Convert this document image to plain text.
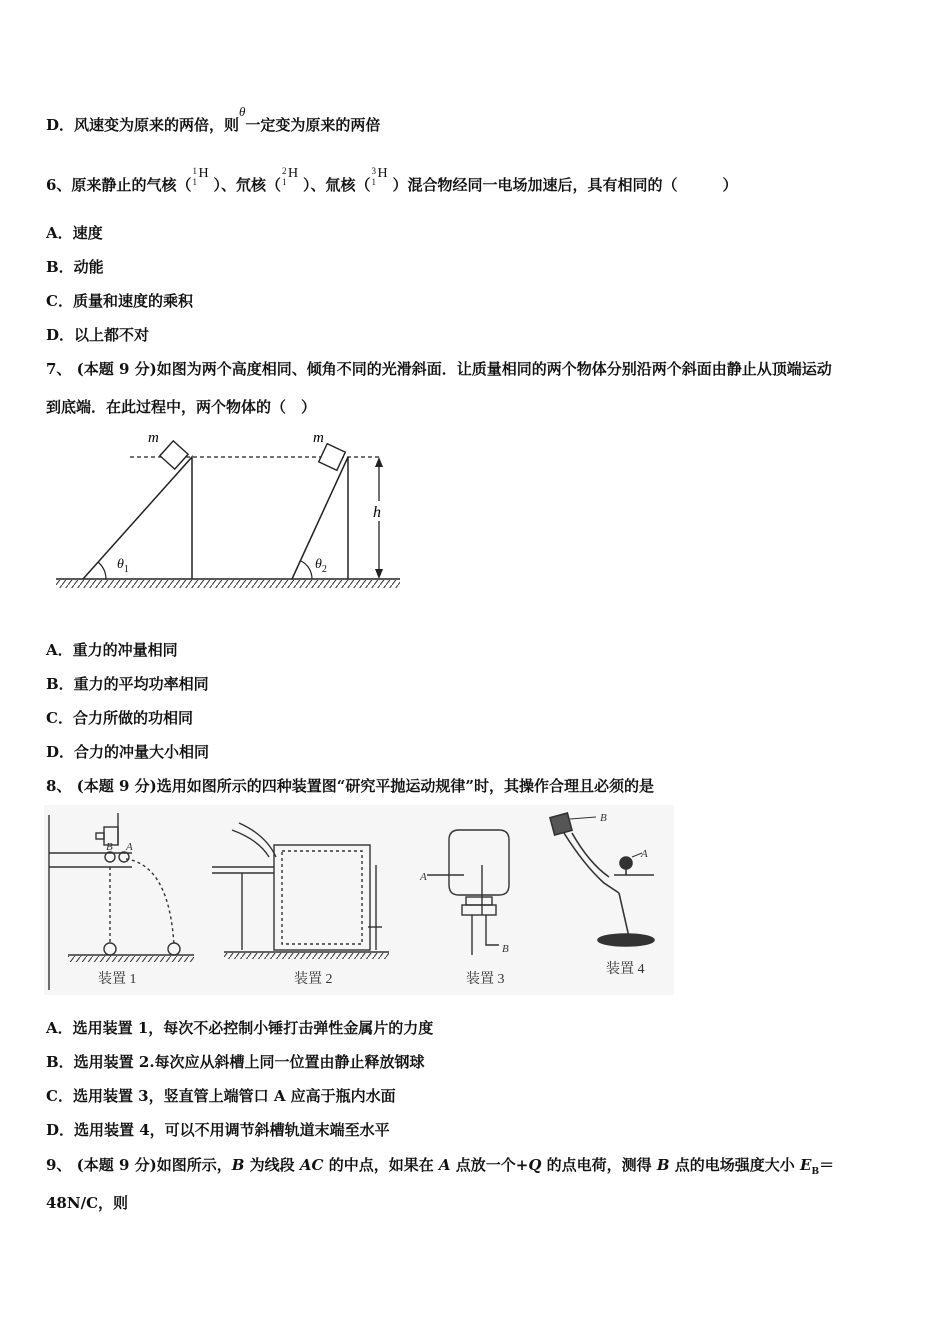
D．风速变为原来的两倍，则θ一定变为原来的两倍
6、原来静止的气核（
1
1
H
）、氘核（
2
1
H
）、氚核（
3
1
H
）混合物经同一电场加速后，具有相同的（　　　）
A．速度
B．动能
C．质量和速度的乘积
D．以上都不对
7、 (本题 9 分)如图为两个高度相同、倾角不同的光滑斜面．让质量相同的两个物体分别沿两个斜面由静止从顶端运动
到底端．在此过程中，两个物体的（　）
h
m	m
$\theta_1$	$\theta_2$
A．重力的冲量相同
B．重力的平均功率相同
C．合力所做的功相同
D．合力的冲量大小相同
8、 (本题 9 分)选用如图所示的四种装置图“研究平抛运动规律”时，其操作合理且必须的是
B A
A
B
B
A
装置 1	装置 2	装置 3
装置 4
A．选用装置 1，每次不必控制小锤打击弹性金属片的力度
B．选用装置 2.每次应从斜槽上同一位置由静止释放钢球
C．选用装置 3，竖直管上端管口 A 应高于瓶内水面
D．选用装置 4，可以不用调节斜槽轨道末端至水平
9、 (本题 9 分)如图所示，B 为线段 AC 的中点，如果在 A 点放一个+Q 的点电荷，测得 B 点的电场强度大小 $E_B=$
48N/C，则
